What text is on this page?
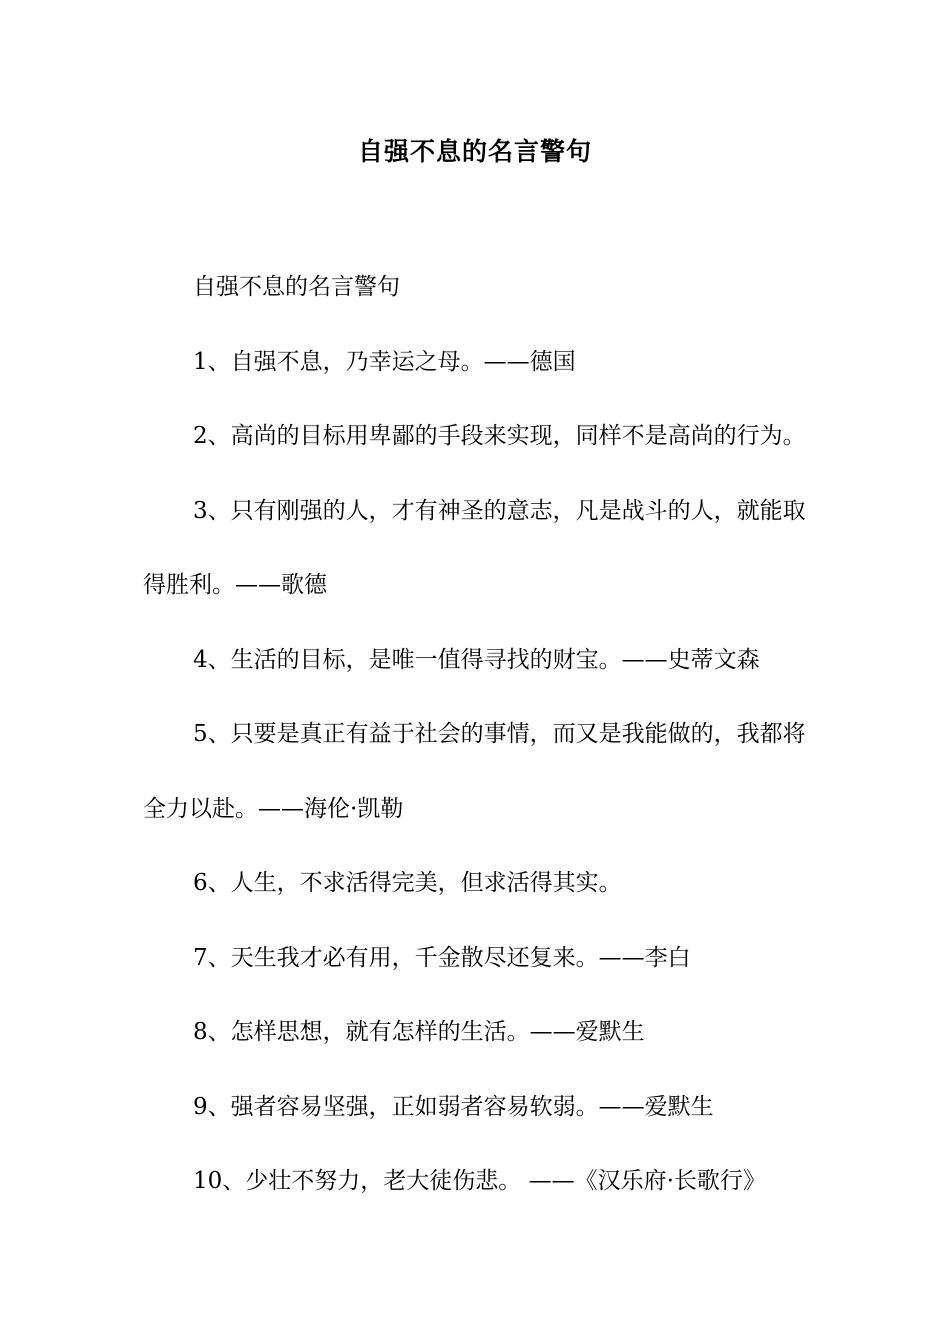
自强不息的名言警句

自强不息的名言警句

1、自强不息，乃幸运之母。——德国

2、高尚的目标用卑鄙的手段来实现，同样不是高尚的行为。

3、只有刚强的人，才有神圣的意志，凡是战斗的人，就能取得胜利。——歌德

4、生活的目标，是唯一值得寻找的财宝。——史蒂文森

5、只要是真正有益于社会的事情，而又是我能做的，我都将全力以赴。——海伦·凯勒

6、人生，不求活得完美，但求活得其实。

7、天生我才必有用，千金散尽还复来。——李白

8、怎样思想，就有怎样的生活。——爱默生

9、强者容易坚强，正如弱者容易软弱。——爱默生

10、少壮不努力，老大徒伤悲。 ——《汉乐府·长歌行》
